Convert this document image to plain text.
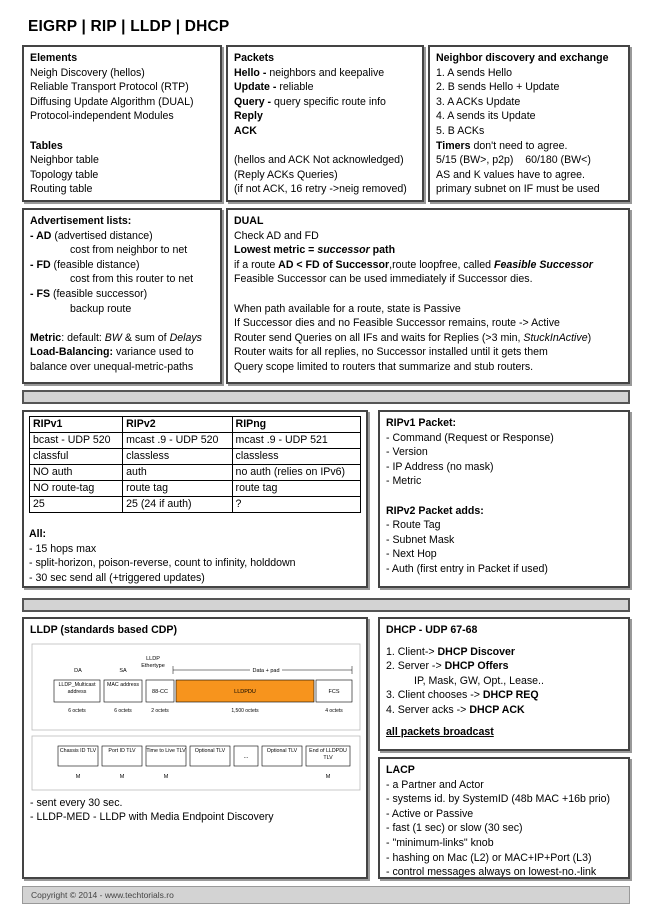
EIGRP | RIP | LLDP | DHCP
Elements
Neigh Discovery (hellos)
Reliable Transport Protocol (RTP)
Diffusing Update Algorithm (DUAL)
Protocol-independent Modules
Tables
Neighbor table
Topology table
Routing table
Packets
Hello - neighbors and keepalive
Update - reliable
Query - query specific route info
Reply
ACK
(hellos and ACK Not acknowledged)
(Reply ACKs Queries)
(if not ACK, 16 retry ->neig removed)
Neighbor discovery and exchange
1. A sends Hello
2. B sends Hello + Update
3. A ACKs Update
4. A sends its Update
5. B ACKs
Timers don't need to agree.
5/15 (BW>, p2p)    60/180 (BW<)
AS and K values have to agree.
primary subnet on IF must be used
Advertisement lists:
- AD (advertised distance)
cost from neighbor to net
- FD (feasible distance)
cost from this router to net
- FS (feasible successor)
backup route
Metric: default: BW & sum of Delays
Load-Balancing: variance used to
balance over unequal-metric-paths
DUAL
Check AD and FD
Lowest metric = successor path
if a route AD < FD of Successor,route loopfree, called Feasible Successor
Feasible Successor can be used immediately if Successor dies.
When path available for a route, state is Passive
If Successor dies and no Feasible Successor remains, route -> Active
Router send Queries on all IFs and waits for Replies (>3 min, StuckInActive)
Router waits for all replies, no Successor installed until it gets them
Query scope limited to routers that summarize and stub routers.
RIPv1	RIPv2	RIPng
bcast - UDP 520	mcast .9 - UDP 520	mcast .9 - UDP 521
classful	classless	classless
NO auth	auth	no auth (relies on IPv6)
NO route-tag	route tag	route tag
25	25 (24 if auth)	?
All:
- 15 hops max
- split-horizon, poison-reverse, count to infinity, holddown
- 30 sec send all (+triggered updates)
RIPv1 Packet:
- Command (Request or Response)
- Version
- IP Address (no mask)
- Metric
RIPv2 Packet adds:
- Route Tag
- Subnet Mask
- Next Hop
- Auth (first entry in Packet if used)
LLDP (standards based CDP)
DA	SA
LLDP Ethertype
Data + pad
LLDP_Multicast address
MAC address
88-CC	LLDPDU	FCS
6 octets	6 octets	2 octets	1,500 octets	4 octets
Chassis ID TLV	Port ID TLV	Time to Live TLV	Optional TLV
...
Optional TLV	End of LLDPDU TLV
M	M	M	M
- sent every 30 sec.
- LLDP-MED - LLDP with Media Endpoint Discovery
DHCP - UDP 67-68
1. Client-> DHCP Discover
2. Server -> DHCP Offers
IP, Mask, GW, Opt., Lease..
3. Client chooses -> DHCP REQ
4. Server acks -> DHCP ACK
all packets broadcast
LACP
- a Partner and Actor
- systems id. by SystemID (48b MAC +16b prio)
- Active or Passive
- fast (1 sec) or slow (30 sec)
- "minimum-links" knob
- hashing on Mac (L2) or MAC+IP+Port (L3)
- control messages always on lowest-no.-link
Copyright © 2014 - www.techtorials.ro
